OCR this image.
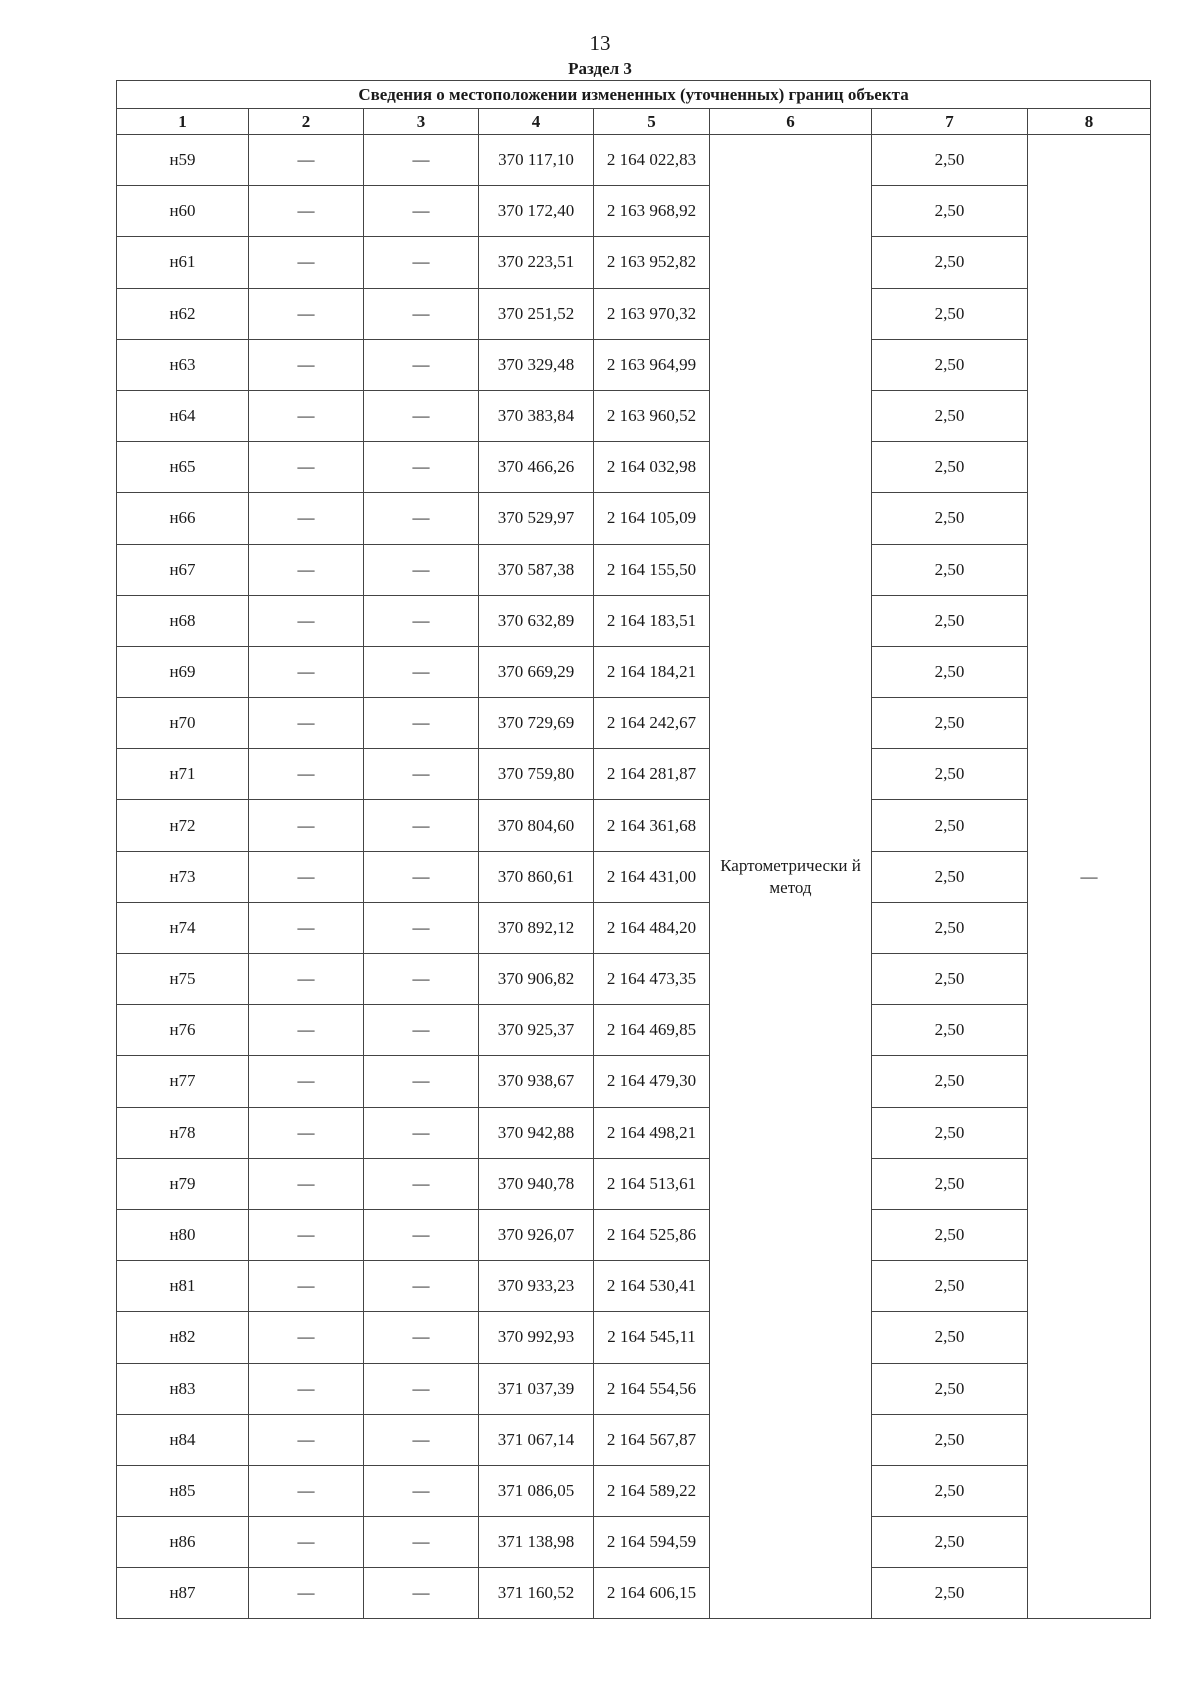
13
Раздел 3
Сведения о местоположении измененных (уточненных) границ объекта							
1	2	3	4	5	6	7	8
н59	—	—	370 117,10	2 164 022,83	Картометрически й метод	2,50	—
н60	—	—	370 172,40	2 163 968,92		2,50	
н61	—	—	370 223,51	2 163 952,82		2,50	
н62	—	—	370 251,52	2 163 970,32		2,50	
н63	—	—	370 329,48	2 163 964,99		2,50	
н64	—	—	370 383,84	2 163 960,52		2,50	
н65	—	—	370 466,26	2 164 032,98		2,50	
н66	—	—	370 529,97	2 164 105,09		2,50	
н67	—	—	370 587,38	2 164 155,50		2,50	
н68	—	—	370 632,89	2 164 183,51		2,50	
н69	—	—	370 669,29	2 164 184,21		2,50	
н70	—	—	370 729,69	2 164 242,67		2,50	
н71	—	—	370 759,80	2 164 281,87		2,50	
н72	—	—	370 804,60	2 164 361,68		2,50	
н73	—	—	370 860,61	2 164 431,00		2,50	
н74	—	—	370 892,12	2 164 484,20		2,50	
н75	—	—	370 906,82	2 164 473,35		2,50	
н76	—	—	370 925,37	2 164 469,85		2,50	
н77	—	—	370 938,67	2 164 479,30		2,50	
н78	—	—	370 942,88	2 164 498,21		2,50	
н79	—	—	370 940,78	2 164 513,61		2,50	
н80	—	—	370 926,07	2 164 525,86		2,50	
н81	—	—	370 933,23	2 164 530,41		2,50	
н82	—	—	370 992,93	2 164 545,11		2,50	
н83	—	—	371 037,39	2 164 554,56		2,50	
н84	—	—	371 067,14	2 164 567,87		2,50	
н85	—	—	371 086,05	2 164 589,22		2,50	
н86	—	—	371 138,98	2 164 594,59		2,50	
н87	—	—	371 160,52	2 164 606,15		2,50	
